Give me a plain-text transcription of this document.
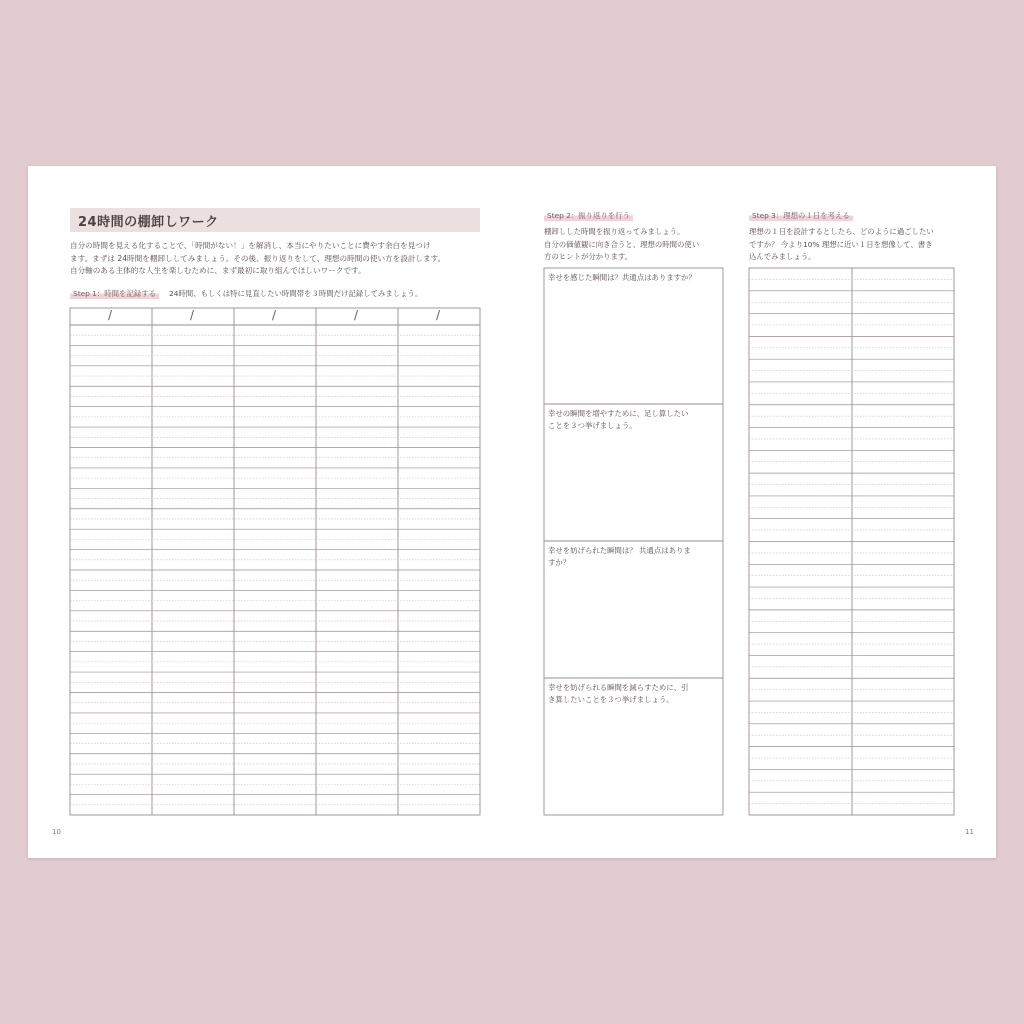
24時間の棚卸しワーク
自分の時間を見える化することで、「時間がない！」を解消し、本当にやりたいことに費やす余白を見つけ
ます。まずは 24時間を棚卸ししてみましょう。その後、振り返りをして、理想の時間の使い方を設計します。
自分軸のある主体的な人生を楽しむために、まず最初に取り組んでほしいワークです。
Step 1：時間を記録する 24時間、もしくは特に見直したい時間帯を３時間だけ記録してみましょう。
/	/	/	/	/
10
Step 2：振り返りを行う
棚卸しした時間を振り返ってみましょう。
自分の価値観に向き合うと、理想の時間の使い
方のヒントが分かります。
幸せを感じた瞬間は？共通点はありますか？
幸せの瞬間を増やすために、足し算したい
ことを３つ挙げましょう。
幸せを妨げられた瞬間は？ 共通点はありま
すか？
幸せを妨げられる瞬間を減らすために、引
き算したいことを３つ挙げましょう。
Step 3：理想の１日を考える
理想の１日を設計するとしたら、どのように過ごしたい
ですか？ 今より10% 理想に近い１日を想像して、書き
込んでみましょう。
11
